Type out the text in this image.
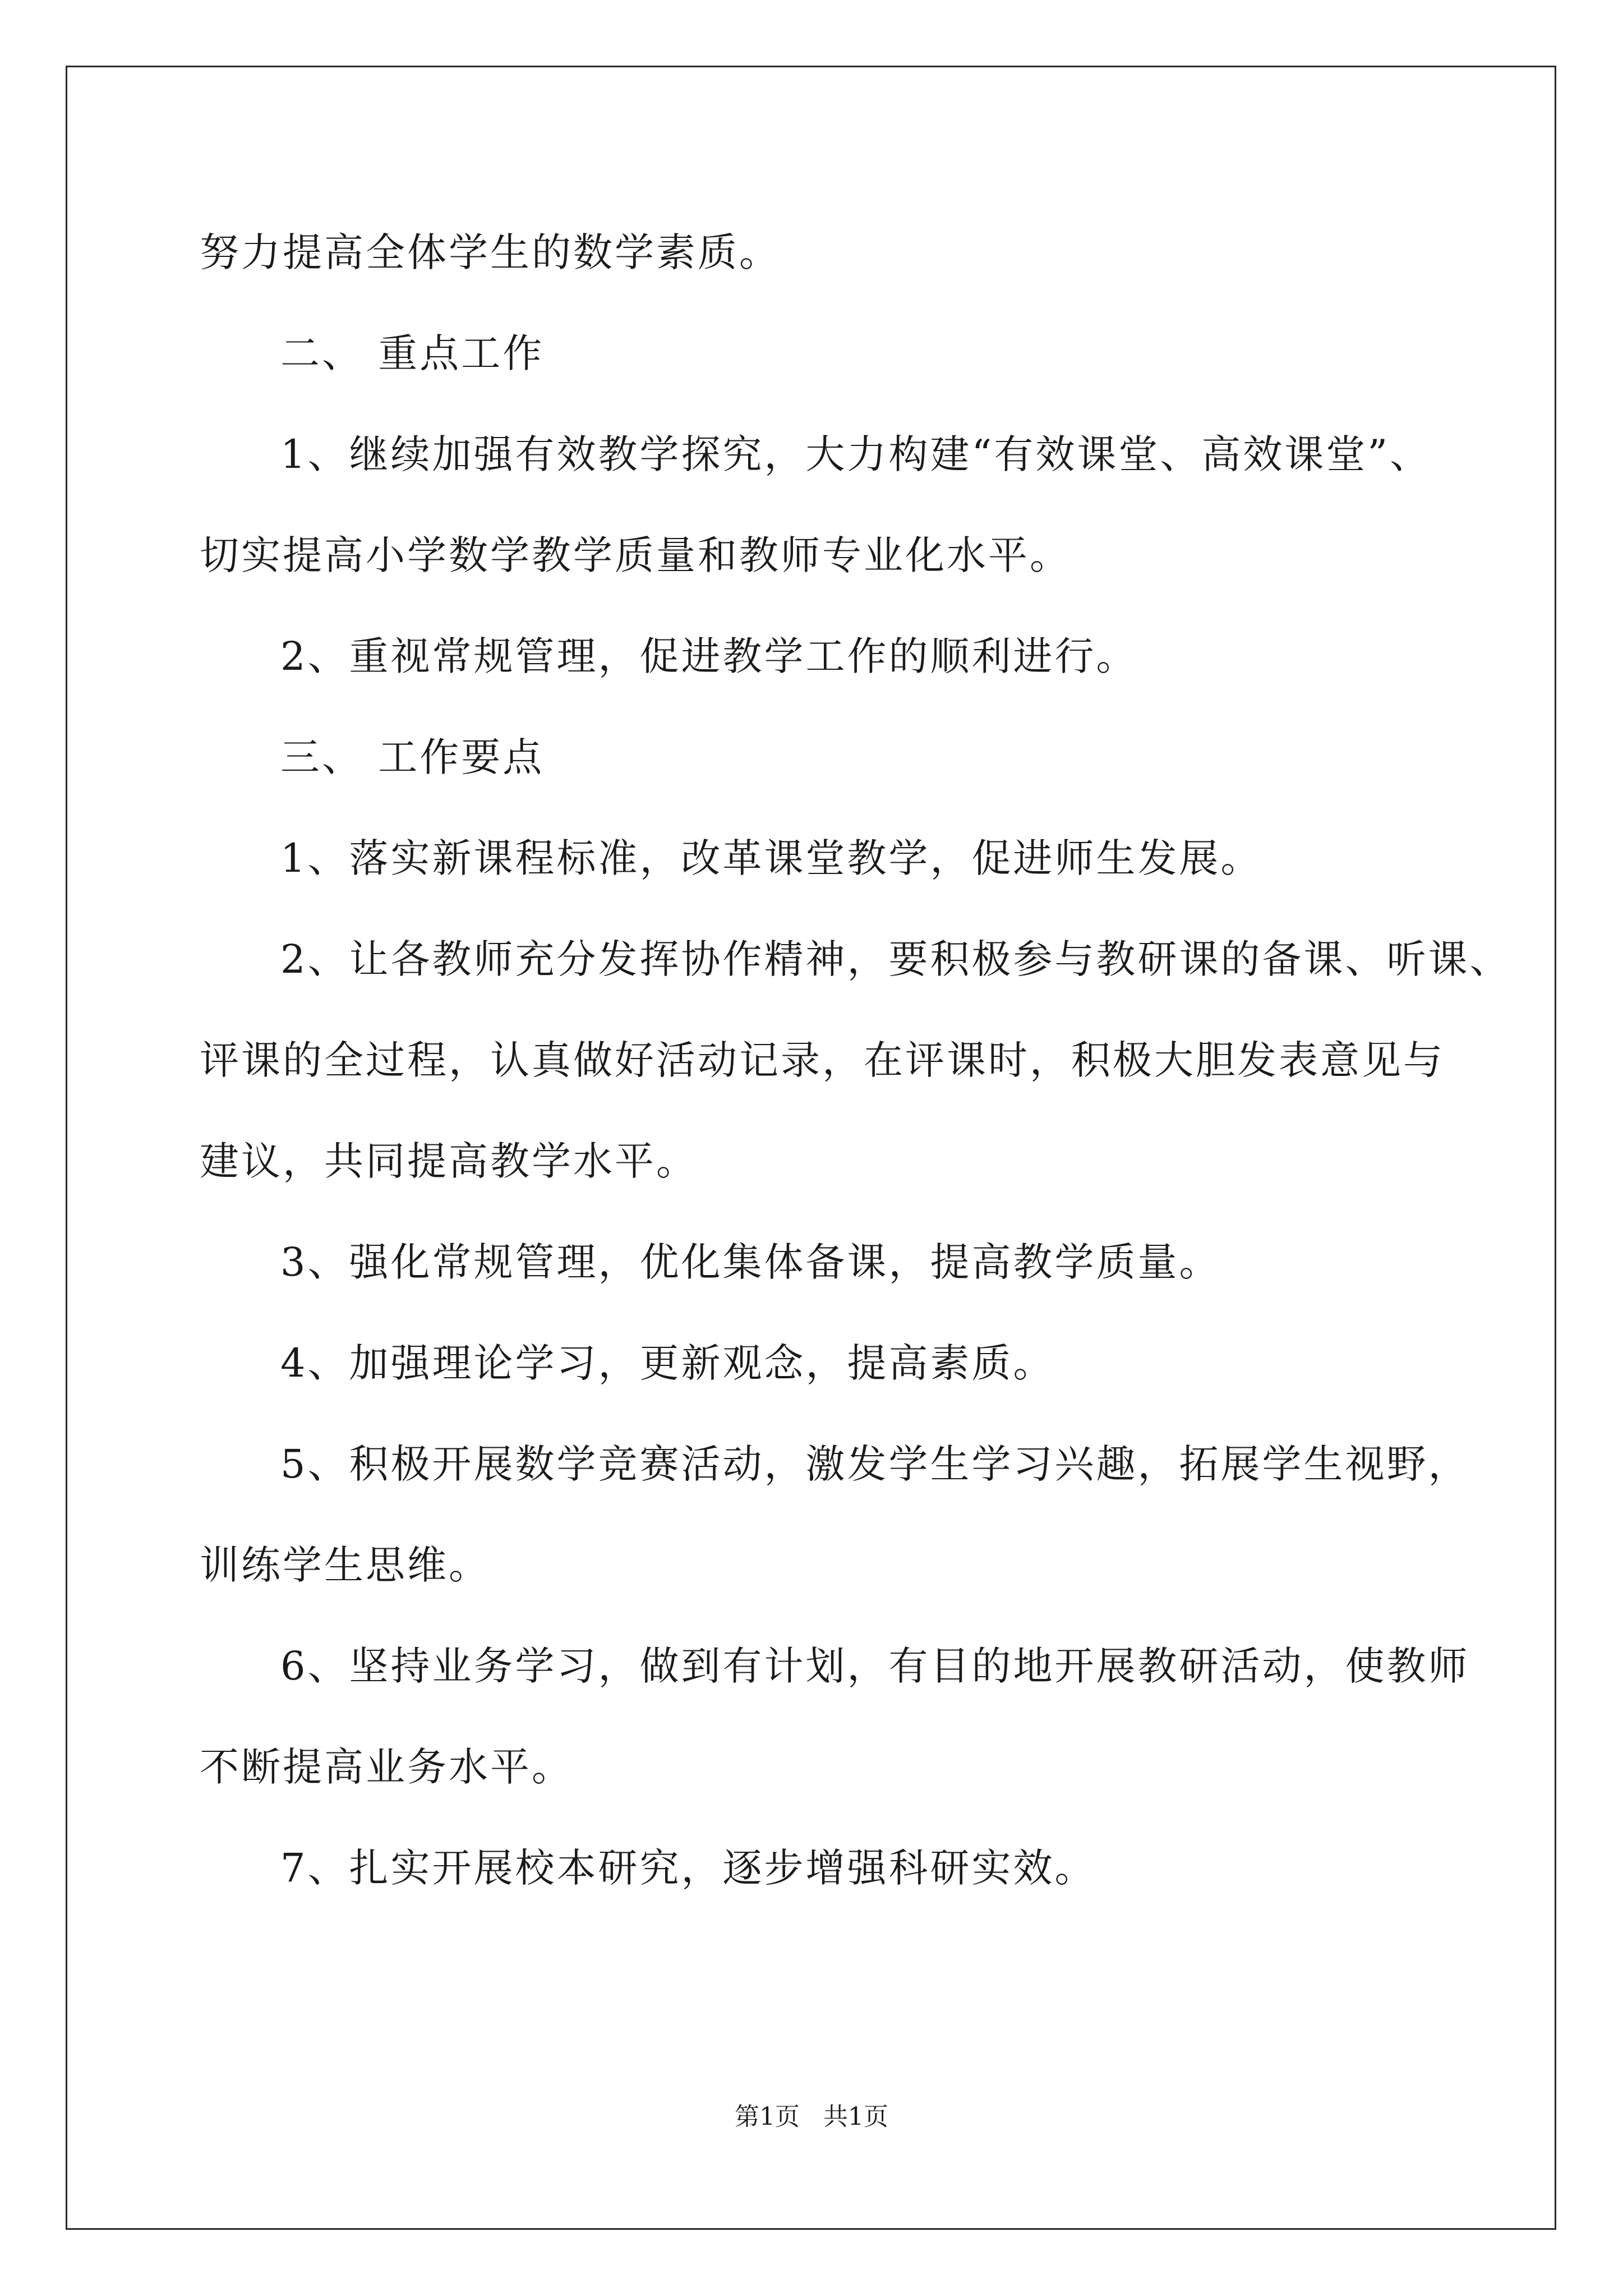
努力提高全体学生的数学素质。

二、 重点工作

1、继续加强有效教学探究，大力构建“有效课堂、高效课堂”、

切实提高小学数学教学质量和教师专业化水平。

2、重视常规管理，促进教学工作的顺利进行。

三、 工作要点

1、落实新课程标准，改革课堂教学，促进师生发展。

2、让各教师充分发挥协作精神，要积极参与教研课的备课、听课、

评课的全过程，认真做好活动记录，在评课时，积极大胆发表意见与

建议，共同提高教学水平。

3、强化常规管理，优化集体备课，提高教学质量。

4、加强理论学习，更新观念，提高素质。

5、积极开展数学竞赛活动，激发学生学习兴趣，拓展学生视野，

训练学生思维。

6、坚持业务学习，做到有计划，有目的地开展教研活动，使教师

不断提高业务水平。

7、扎实开展校本研究，逐步增强科研实效。

第1页   共1页
